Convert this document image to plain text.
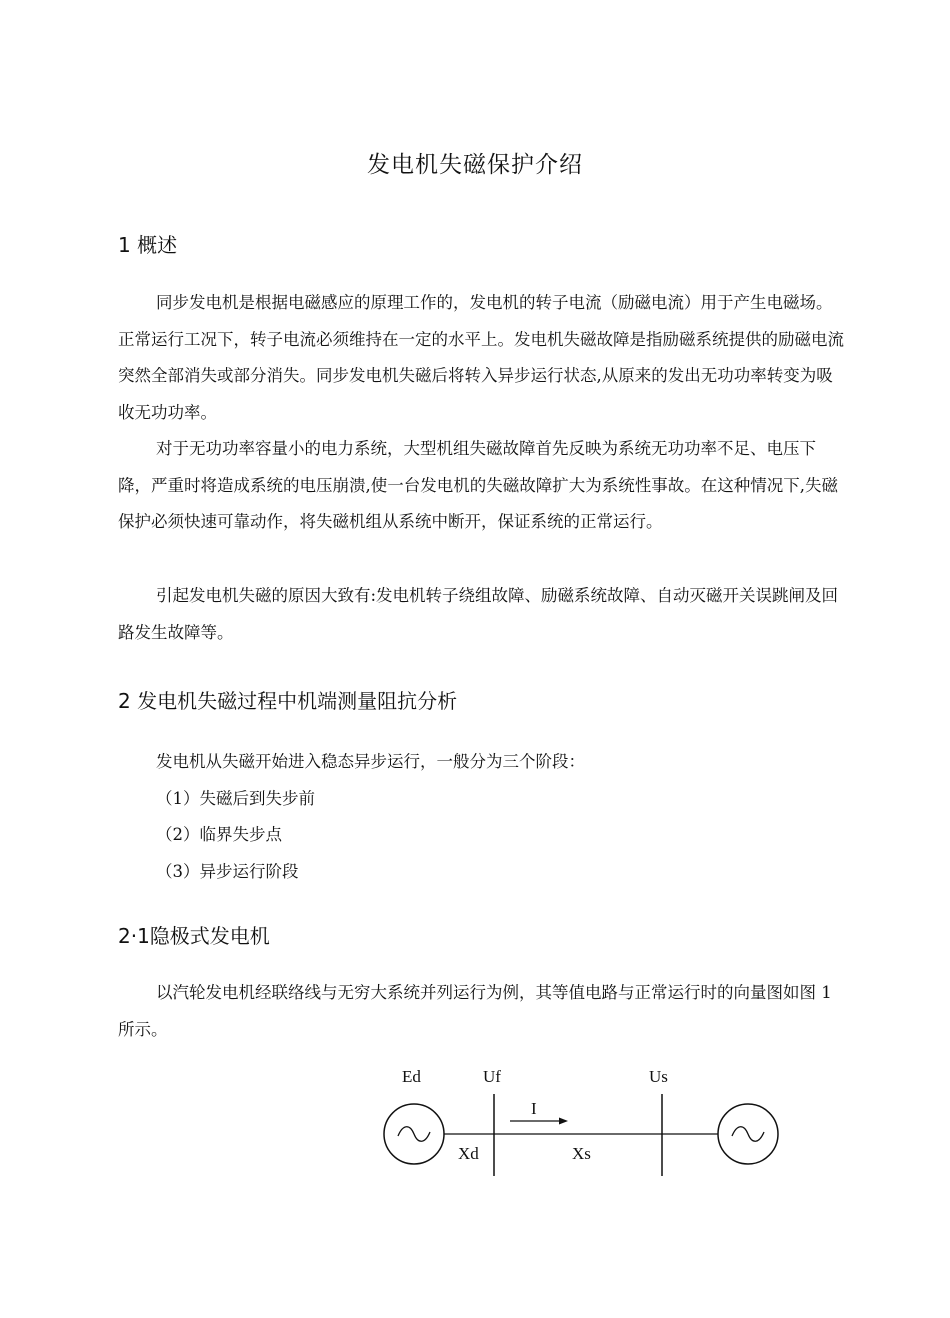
发电机失磁保护介绍
1 概述

同步发电机是根据电磁感应的原理工作的，发电机的转子电流（励磁电流）用于产生电磁场。正常运行工况下，转子电流必须维持在一定的水平上。发电机失磁故障是指励磁系统提供的励磁电流突然全部消失或部分消失。同步发电机失磁后将转入异步运行状态,从原来的发出无功功率转变为吸收无功功率。

对于无功功率容量小的电力系统，大型机组失磁故障首先反映为系统无功功率不足、电压下降，严重时将造成系统的电压崩溃,使一台发电机的失磁故障扩大为系统性事故。在这种情况下,失磁保护必须快速可靠动作，将失磁机组从系统中断开，保证系统的正常运行。

引起发电机失磁的原因大致有:发电机转子绕组故障、励磁系统故障、自动灭磁开关误跳闸及回路发生故障等。

2 发电机失磁过程中机端测量阻抗分析
发电机从失磁开始进入稳态异步运行，一般分为三个阶段：
（1）失磁后到失步前
（2）临界失步点
（3）异步运行阶段
2·1隐极式发电机

以汽轮发电机经联络线与无穷大系统并列运行为例，其等值电路与正常运行时的向量图如图 1 所示。

Ed	Uf	Us
I
Xd	Xs
